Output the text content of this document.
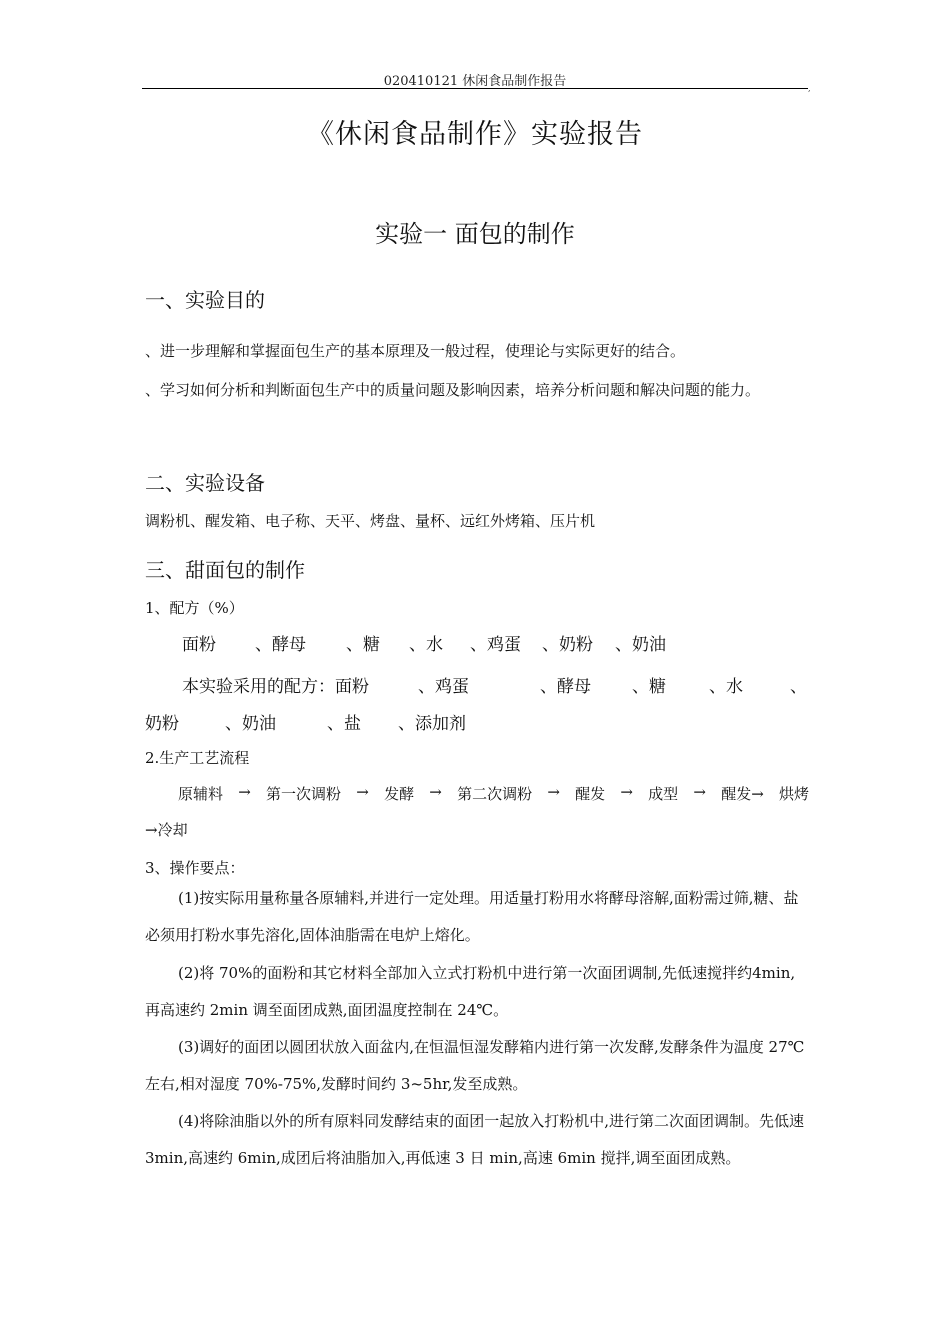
020410121 休闲食品制作报告	,
《休闲食品制作》实验报告
实验一 面包的制作
一、实验目的
、进一步理解和掌握面包生产的基本原理及一般过程，使理论与实际更好的结合。
、学习如何分析和判断面包生产中的质量问题及影响因素，培养分析问题和解决问题的能力。
二、实验设备
调粉机、醒发箱、电子称、天平、烤盘、量杯、远红外烤箱、压片机
三、甜面包的制作
1、配方（%）
面粉 、酵母 、糖 、水 、鸡蛋 、奶粉 、奶油
本实验采用的配方：面粉	、鸡蛋	、酵母 、糖	、水	、
奶粉	、奶油	、盐 、添加剂
2.生产工艺流程
原辅料 → 第一次调粉 → 发酵 → 第二次调粉 → 醒发 → 成型 → 醒发→ 烘烤
→冷却
3、操作要点：
(1)按实际用量称量各原辅料,并进行一定处理。用适量打粉用水将酵母溶解,面粉需过筛,糖、盐必须用打粉水事先溶化,固体油脂需在电炉上熔化。
(2)将 70%的面粉和其它材料全部加入立式打粉机中进行第一次面团调制,先低速搅拌约4min,再高速约 2min 调至面团成熟,面团温度控制在 24℃。
(3)调好的面团以圆团状放入面盆内,在恒温恒湿发酵箱内进行第一次发酵,发酵条件为温度 27℃左右,相对湿度 70%-75%,发酵时间约 3~5hr,发至成熟。
(4)将除油脂以外的所有原料同发酵结束的面团一起放入打粉机中,进行第二次面团调制。先低速 3min,高速约 6min,成团后将油脂加入,再低速 3 日 min,高速 6min 搅拌,调至面团成熟。
